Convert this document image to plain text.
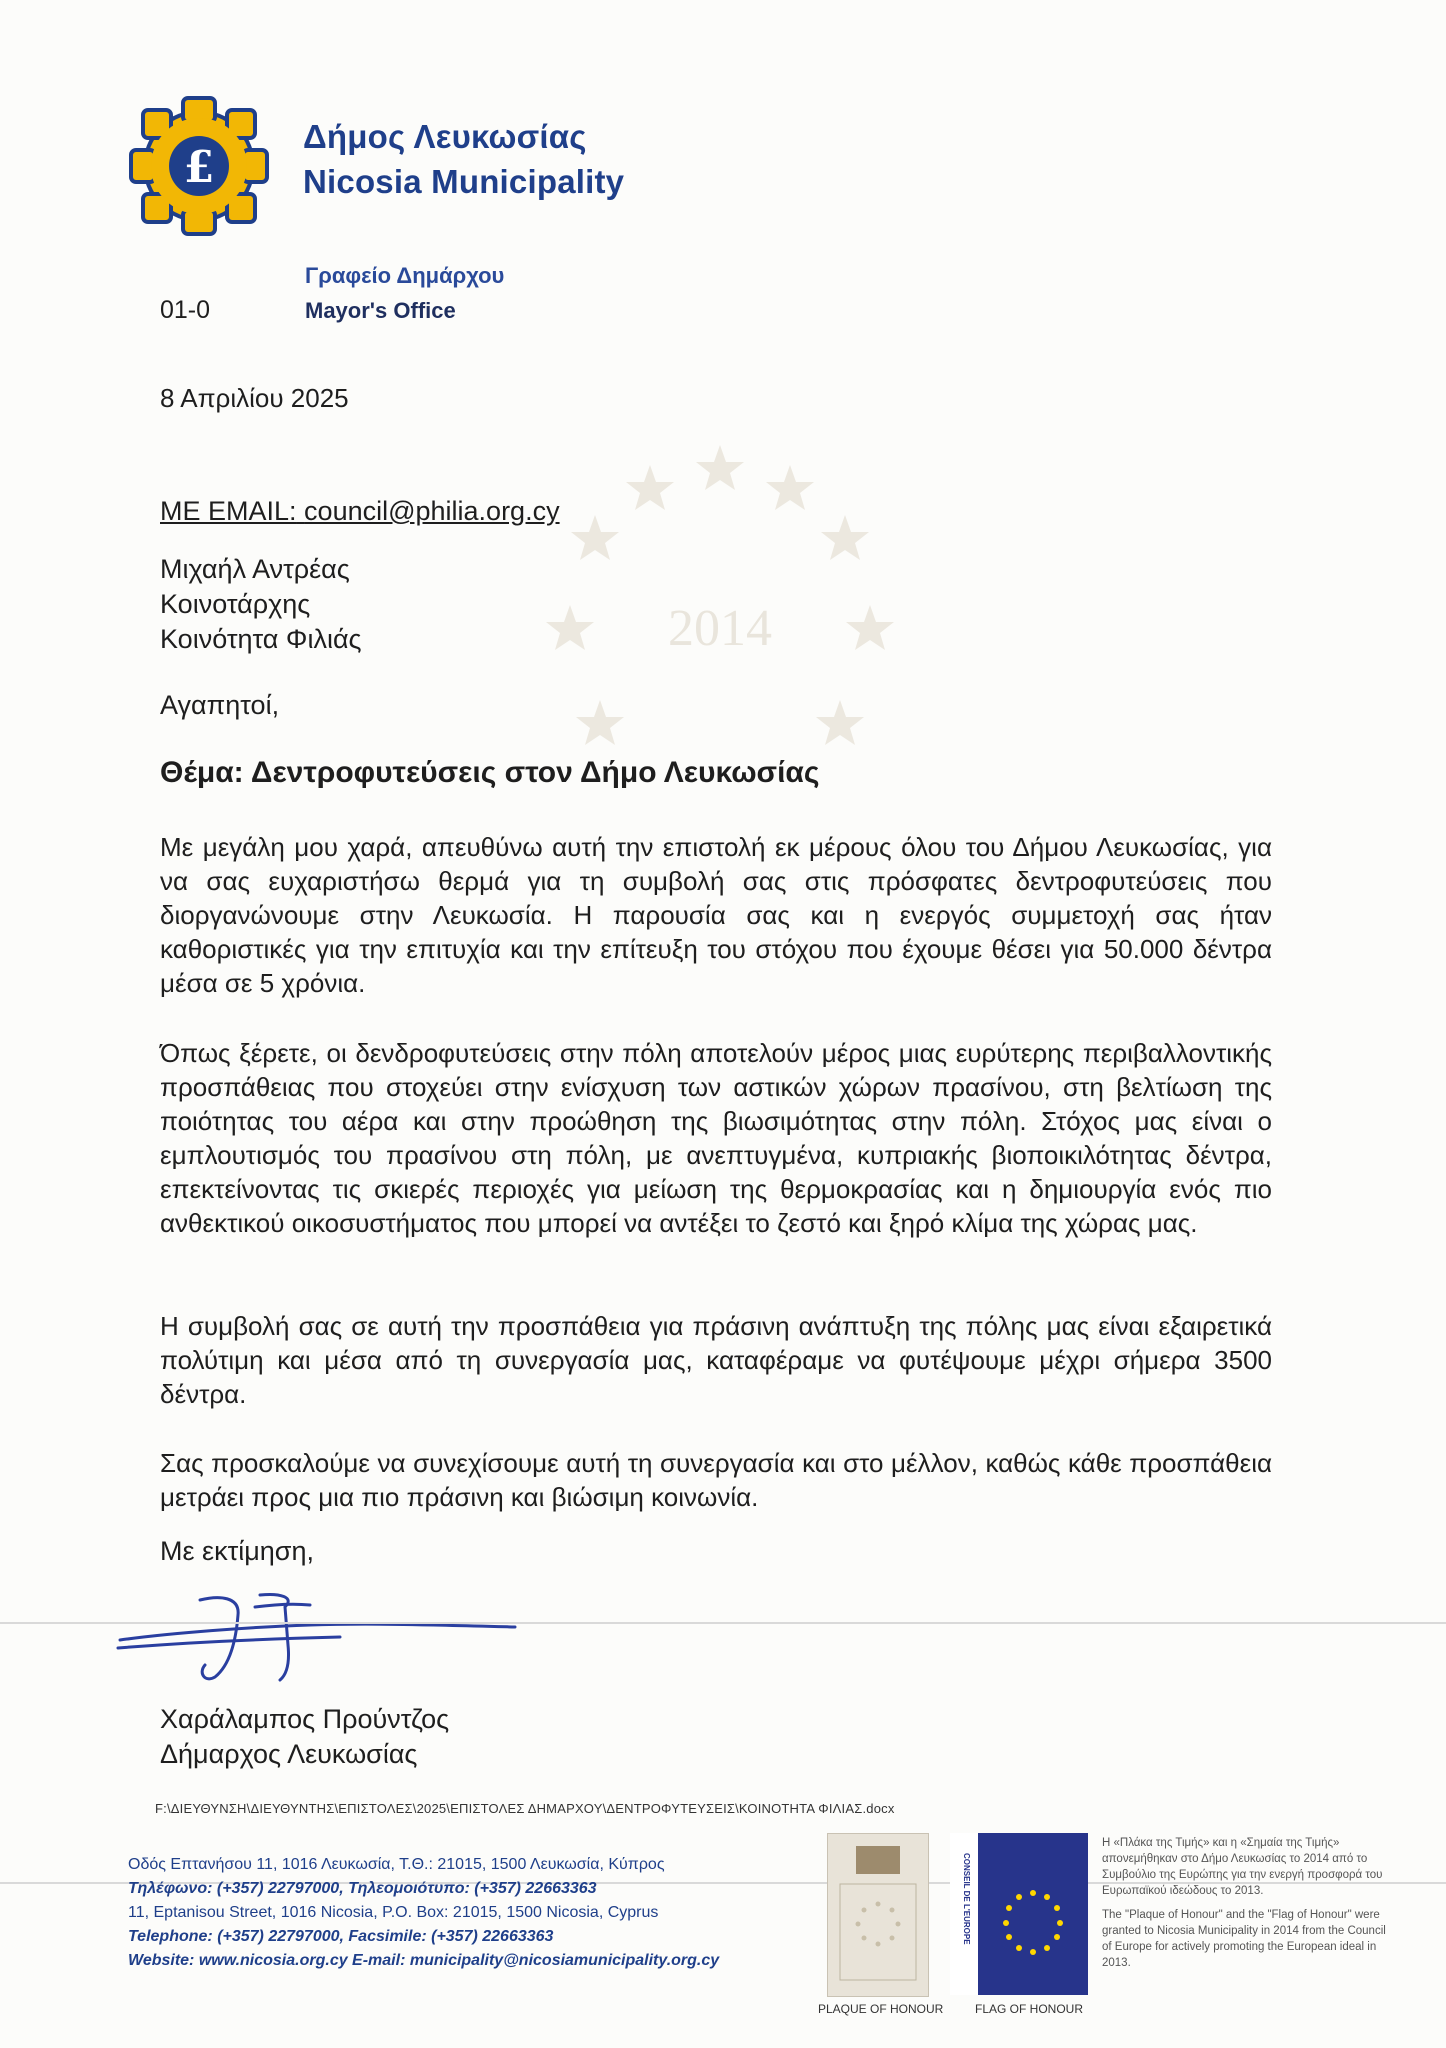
2014
£
Δήμος Λευκωσίας
Nicosia Municipality
Γραφείο Δημάρχου
Mayor's Office
01-0
8 Απριλίου 2025
ΜΕ EMAIL: council@philia.org.cy
Μιχαήλ Αντρέας
Κοινοτάρχης
Κοινότητα Φιλιάς
Αγαπητοί,
Θέμα: Δεντροφυτεύσεις στον Δήμο Λευκωσίας
Με μεγάλη μου χαρά, απευθύνω αυτή την επιστολή εκ μέρους όλου του Δήμου Λευκωσίας, για να σας ευχαριστήσω θερμά για τη συμβολή σας στις πρόσφατες δεντροφυτεύσεις που διοργανώνουμε στην Λευκωσία. Η παρουσία σας και η ενεργός συμμετοχή σας ήταν καθοριστικές για την επιτυχία και την επίτευξη του στόχου που έχουμε θέσει για 50.000 δέντρα μέσα σε 5 χρόνια.
Όπως ξέρετε, οι δενδροφυτεύσεις στην πόλη αποτελούν μέρος μιας ευρύτερης περιβαλλοντικής προσπάθειας που στοχεύει στην ενίσχυση των αστικών χώρων πρασίνου, στη βελτίωση της ποιότητας του αέρα και στην προώθηση της βιωσιμότητας στην πόλη. Στόχος μας είναι ο εμπλουτισμός του πρασίνου στη πόλη, με ανεπτυγμένα, κυπριακής βιοποικιλότητας δέντρα, επεκτείνοντας τις σκιερές περιοχές για μείωση της θερμοκρασίας και η δημιουργία ενός πιο ανθεκτικού οικοσυστήματος που μπορεί να αντέξει το ζεστό και ξηρό κλίμα της χώρας μας.
Η συμβολή σας σε αυτή την προσπάθεια για πράσινη ανάπτυξη της πόλης μας είναι εξαιρετικά πολύτιμη και μέσα από τη συνεργασία μας, καταφέραμε να φυτέψουμε μέχρι σήμερα 3500 δέντρα.
Σας προσκαλούμε να συνεχίσουμε αυτή τη συνεργασία και στο μέλλον, καθώς κάθε προσπάθεια μετράει προς μια πιο πράσινη και βιώσιμη κοινωνία.
Με εκτίμηση,
Χαράλαμπος Προύντζος
Δήμαρχος Λευκωσίας
F:\ΔΙΕΥΘΥΝΣΗ\ΔΙΕΥΘΥΝΤΗΣ\ΕΠΙΣΤΟΛΕΣ\2025\ΕΠΙΣΤΟΛΕΣ ΔΗΜΑΡΧΟΥ\ΔΕΝΤΡΟΦΥΤΕΥΣΕΙΣ\ΚΟΙΝΟΤΗΤΑ ΦΙΛΙΑΣ.docx
Οδός Επτανήσου 11, 1016 Λευκωσία, Τ.Θ.: 21015, 1500 Λευκωσία, Κύπρος
Τηλέφωνο: (+357) 22797000, Τηλεομοιότυπο: (+357) 22663363
11, Eptanisou Street, 1016 Nicosia, P.O. Box: 21015, 1500 Nicosia, Cyprus
Telephone: (+357) 22797000, Facsimile: (+357) 22663363
Website: www.nicosia.org.cy E-mail: municipality@nicosiamunicipality.org.cy
CONSEIL DE L'EUROPE
PLAQUE OF HONOUR	FLAG OF HONOUR
Η «Πλάκα της Τιμής» και η «Σημαία της Τιμής» απονεμήθηκαν στο Δήμο Λευκωσίας το 2014 από το Συμβούλιο της Ευρώπης για την ενεργή προσφορά του Ευρωπαϊκού ιδεώδους το 2013.
The "Plaque of Honour" and the "Flag of Honour" were granted to Nicosia Municipality in 2014 from the Council of Europe for actively promoting the European ideal in 2013.
